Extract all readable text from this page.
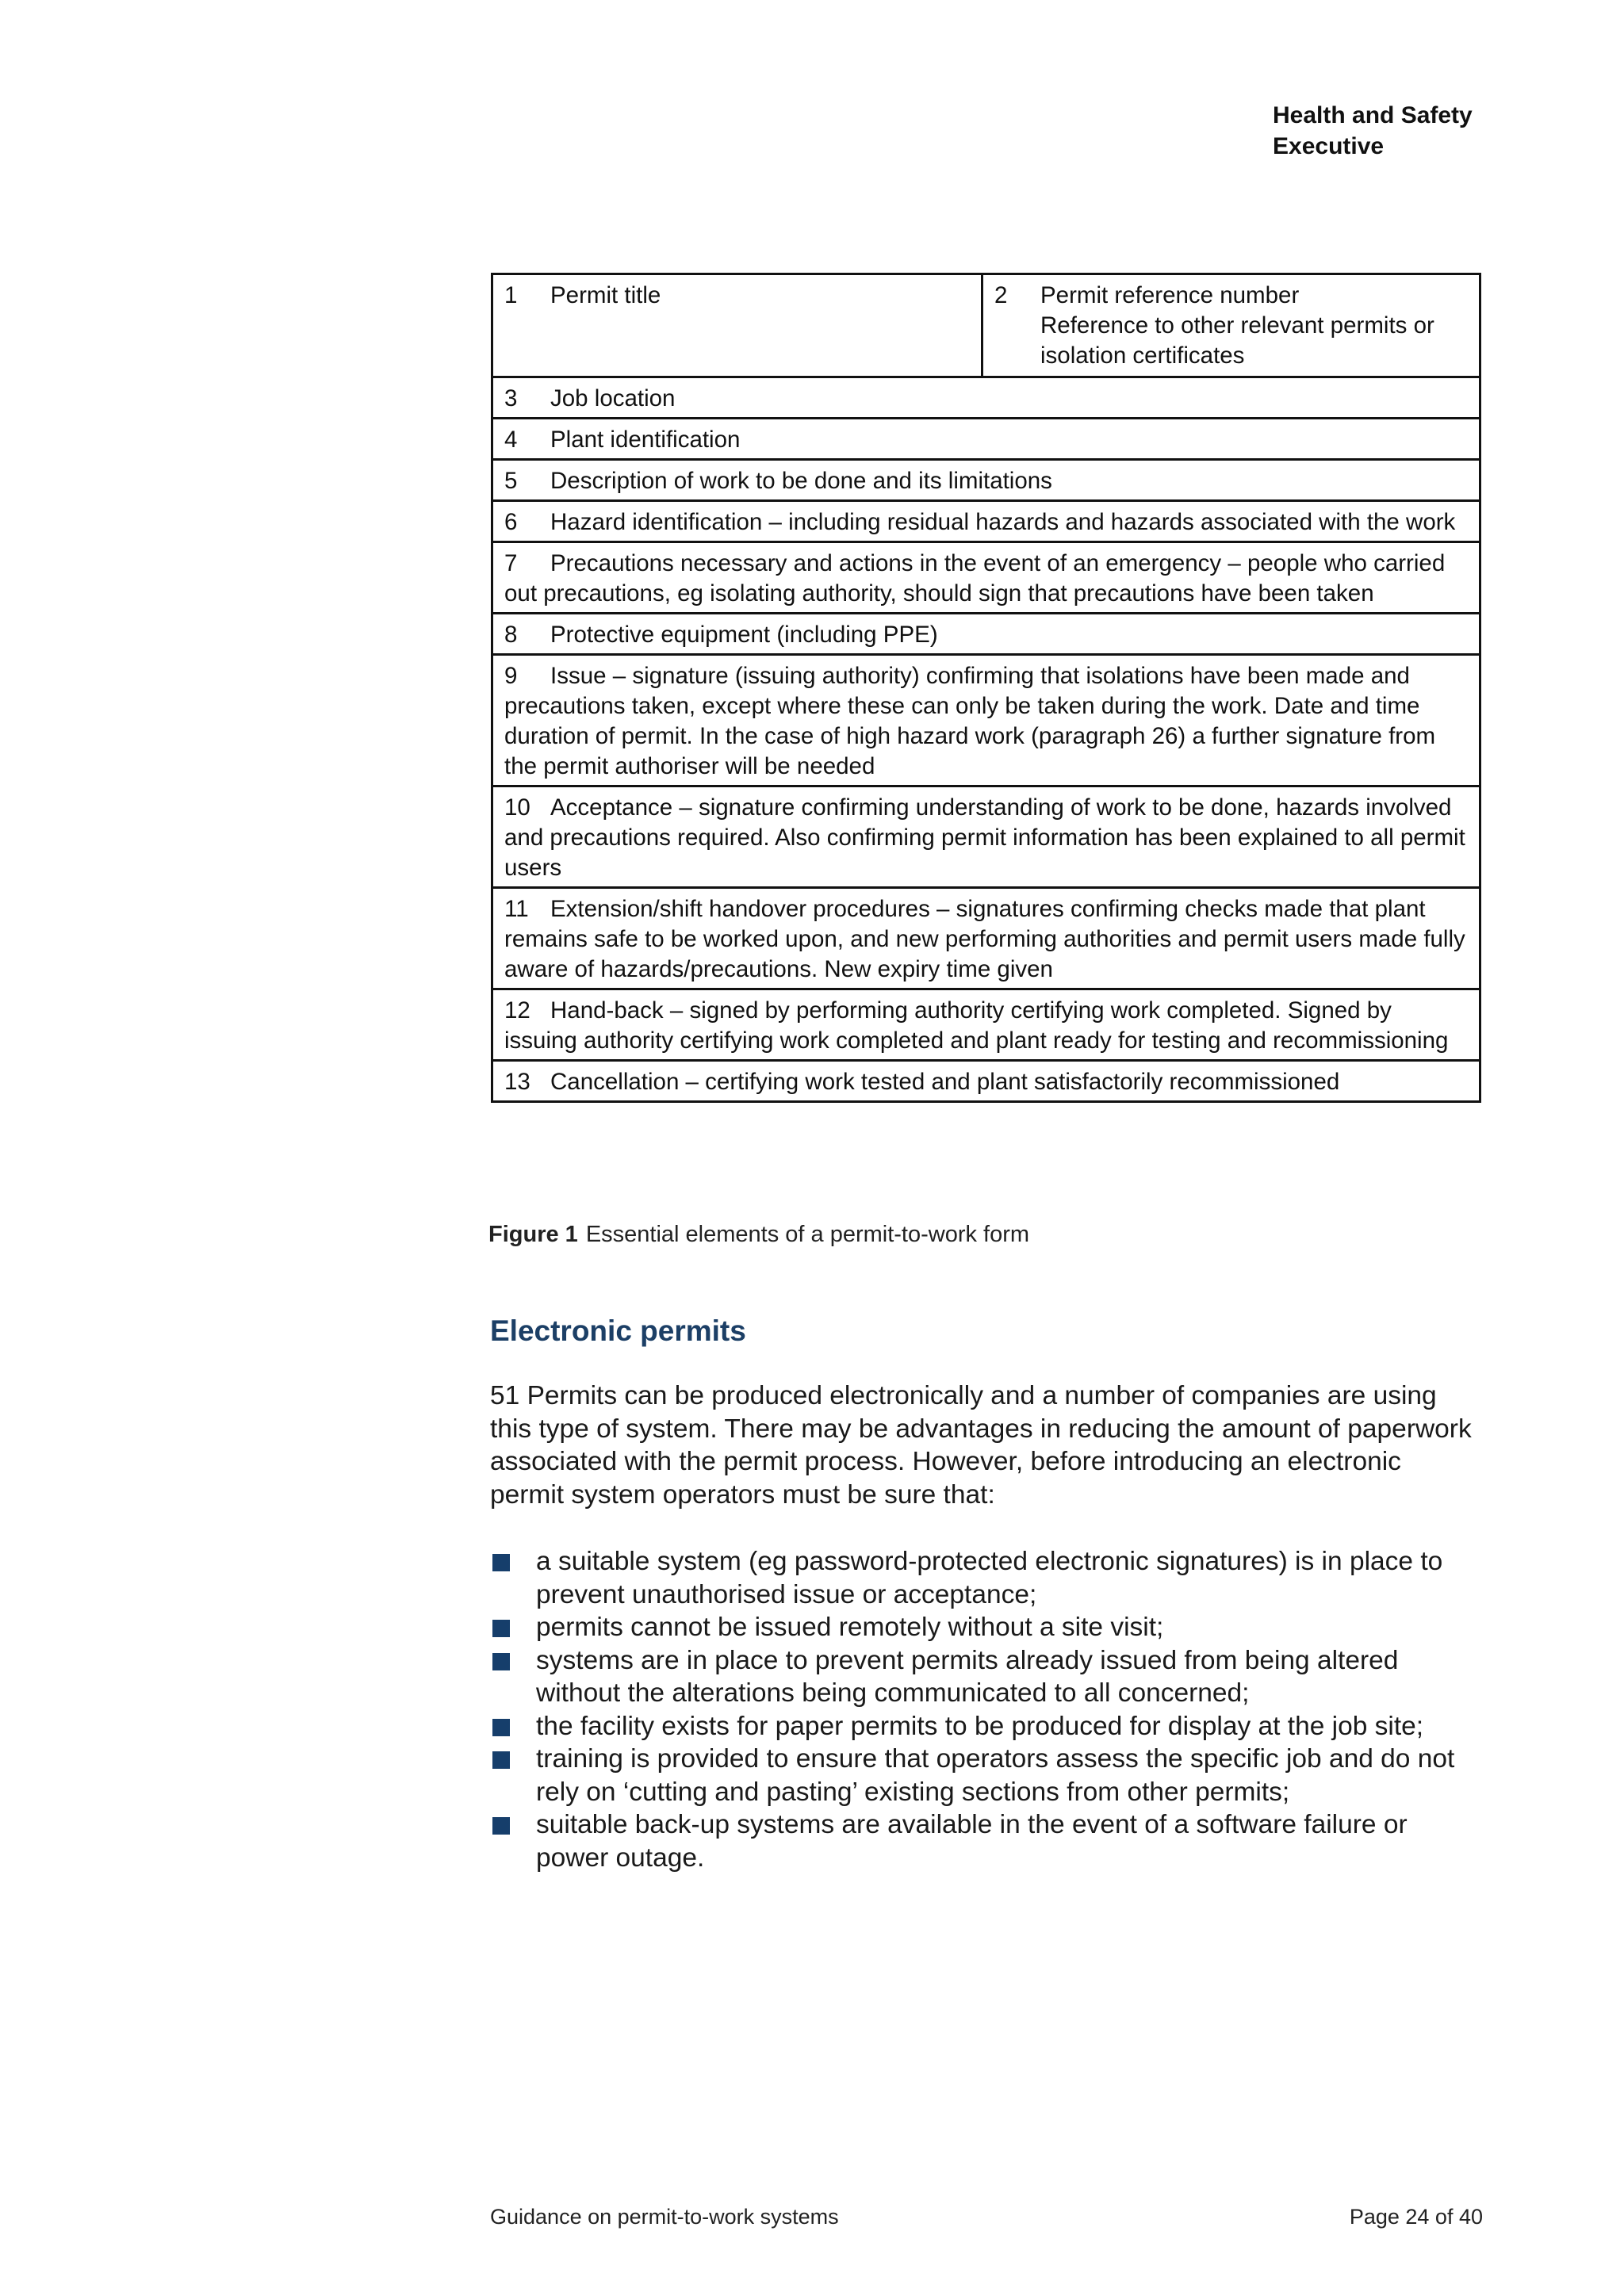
Health and Safety
Executive
1 Permit title	2 Permit reference number
Reference to other relevant permits or isolation certificates

3 Job location
4 Plant identification
5 Description of work to be done and its limitations
6 Hazard identification – including residual hazards and hazards associated with the work
7 Precautions necessary and actions in the event of an emergency – people who carried out precautions, eg isolating authority, should sign that precautions have been taken
8 Protective equipment (including PPE)
9 Issue – signature (issuing authority) confirming that isolations have been made and precautions taken, except where these can only be taken during the work. Date and time duration of permit. In the case of high hazard work (paragraph 26) a further signature from the permit authoriser will be needed
10 Acceptance – signature confirming understanding of work to be done, hazards involved and precautions required. Also confirming permit information has been explained to all permit users
11 Extension/shift handover procedures – signatures confirming checks made that plant remains safe to be worked upon, and new performing authorities and permit users made fully aware of hazards/precautions. New expiry time given
12 Hand-back – signed by performing authority certifying work completed. Signed by issuing authority certifying work completed and plant ready for testing and recommissioning
13 Cancellation – certifying work tested and plant satisfactorily recommissioned
Figure 1 Essential elements of a permit-to-work form
Electronic permits
51 Permits can be produced electronically and a number of companies are using this type of system. There may be advantages in reducing the amount of paperwork associated with the permit process. However, before introducing an electronic permit system operators must be sure that:
a suitable system (eg password-protected electronic signatures) is in place to prevent unauthorised issue or acceptance;
permits cannot be issued remotely without a site visit;
systems are in place to prevent permits already issued from being altered without the alterations being communicated to all concerned;
the facility exists for paper permits to be produced for display at the job site;
training is provided to ensure that operators assess the specific job and do not rely on ‘cutting and pasting’ existing sections from other permits;
suitable back-up systems are available in the event of a software failure or power outage.
Guidance on permit-to-work systems	Page 24 of 40
